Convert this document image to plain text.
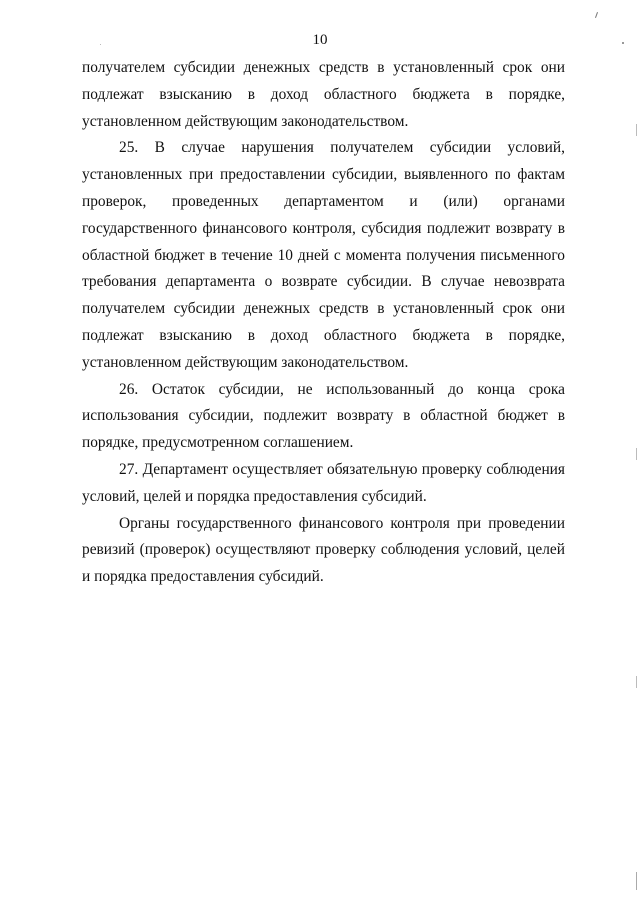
10

получателем субсидии денежных средств в установленный срок они подлежат взысканию в доход областного бюджета в порядке, установленном действующим законодательством.

25. В случае нарушения получателем субсидии условий, установленных при предоставлении субсидии, выявленного по фактам проверок, проведенных департаментом и (или) органами государственного финансового контроля, субсидия подлежит возврату в областной бюджет в течение 10 дней с момента получения письменного требования департамента о возврате субсидии. В случае невозврата получателем субсидии денежных средств в установленный срок они подлежат взысканию в доход областного бюджета в порядке, установленном действующим законодательством.

26. Остаток субсидии, не использованный до конца срока использования субсидии, подлежит возврату в областной бюджет в порядке, предусмотренном соглашением.

27. Департамент осуществляет обязательную проверку соблюдения условий, целей и порядка предоставления субсидий.

Органы государственного финансового контроля при проведении ревизий (проверок) осуществляют проверку соблюдения условий, целей и порядка предоставления субсидий.
